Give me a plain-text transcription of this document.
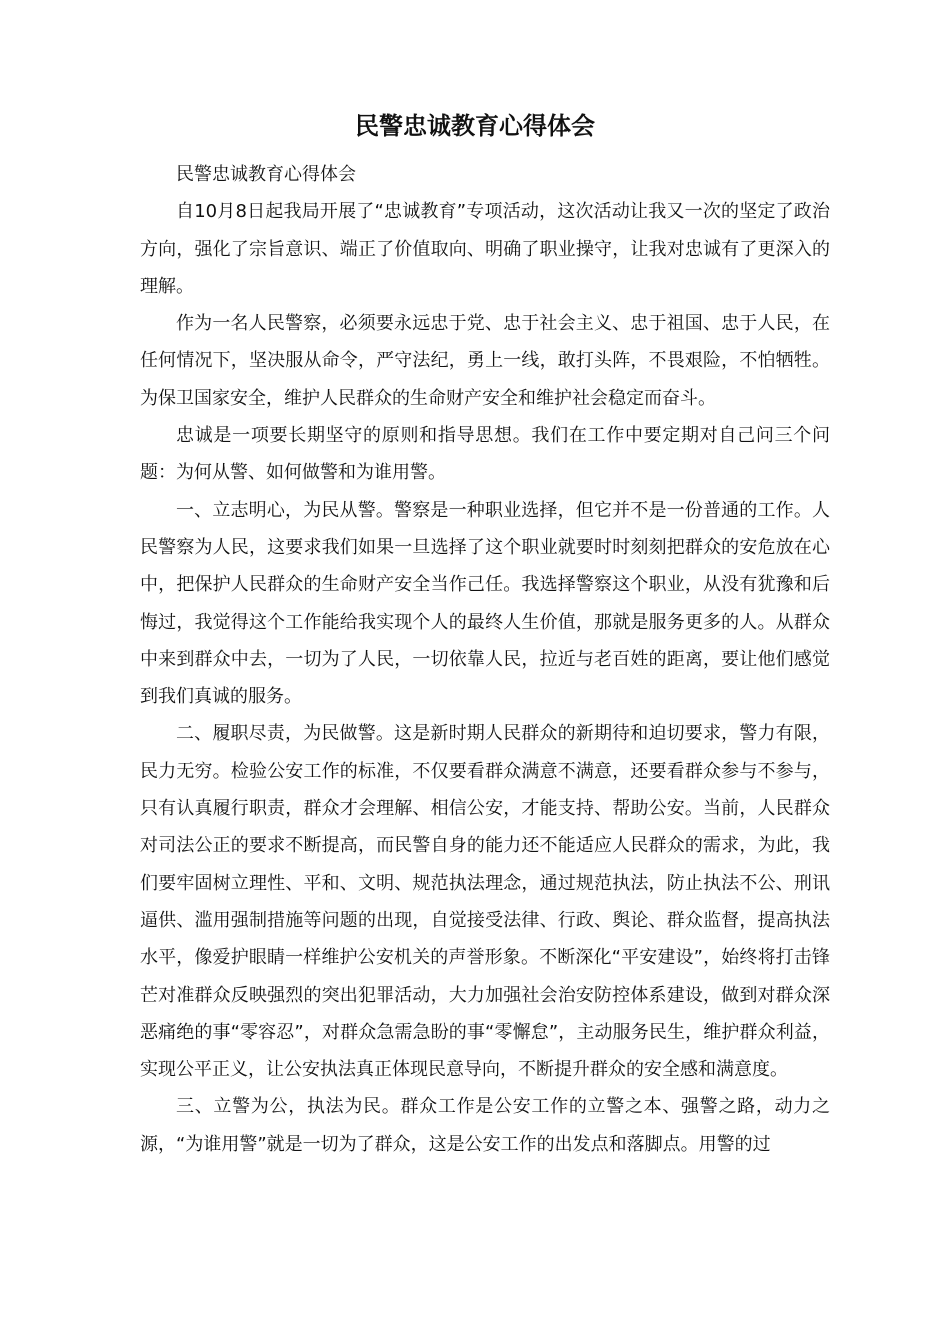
民警忠诚教育心得体会

民警忠诚教育心得体会

自10月8日起我局开展了“忠诚教育”专项活动，这次活动让我又一次的坚定了政治方向，强化了宗旨意识、端正了价值取向、明确了职业操守，让我对忠诚有了更深入的理解。

作为一名人民警察，必须要永远忠于党、忠于社会主义、忠于祖国、忠于人民，在任何情况下，坚决服从命令，严守法纪，勇上一线，敢打头阵，不畏艰险，不怕牺牲。为保卫国家安全，维护人民群众的生命财产安全和维护社会稳定而奋斗。

忠诚是一项要长期坚守的原则和指导思想。我们在工作中要定期对自己问三个问题：为何从警、如何做警和为谁用警。

一、立志明心，为民从警。警察是一种职业选择，但它并不是一份普通的工作。人民警察为人民，这要求我们如果一旦选择了这个职业就要时时刻刻把群众的安危放在心中，把保护人民群众的生命财产安全当作己任。我选择警察这个职业，从没有犹豫和后悔过，我觉得这个工作能给我实现个人的最终人生价值，那就是服务更多的人。从群众中来到群众中去，一切为了人民，一切依靠人民，拉近与老百姓的距离，要让他们感觉到我们真诚的服务。

二、履职尽责，为民做警。这是新时期人民群众的新期待和迫切要求，警力有限，民力无穷。检验公安工作的标准，不仅要看群众满意不满意，还要看群众参与不参与，只有认真履行职责，群众才会理解、相信公安，才能支持、帮助公安。当前，人民群众对司法公正的要求不断提高，而民警自身的能力还不能适应人民群众的需求，为此，我们要牢固树立理性、平和、文明、规范执法理念，通过规范执法，防止执法不公、刑讯逼供、滥用强制措施等问题的出现，自觉接受法律、行政、舆论、群众监督，提高执法水平，像爱护眼睛一样维护公安机关的声誉形象。不断深化“平安建设”，始终将打击锋芒对准群众反映强烈的突出犯罪活动，大力加强社会治安防控体系建设，做到对群众深恶痛绝的事“零容忍”，对群众急需急盼的事“零懈怠”，主动服务民生，维护群众利益，实现公平正义，让公安执法真正体现民意导向，不断提升群众的安全感和满意度。

三、立警为公，执法为民。群众工作是公安工作的立警之本、强警之路，动力之源，“为谁用警”就是一切为了群众，这是公安工作的出发点和落脚点。用警的过
